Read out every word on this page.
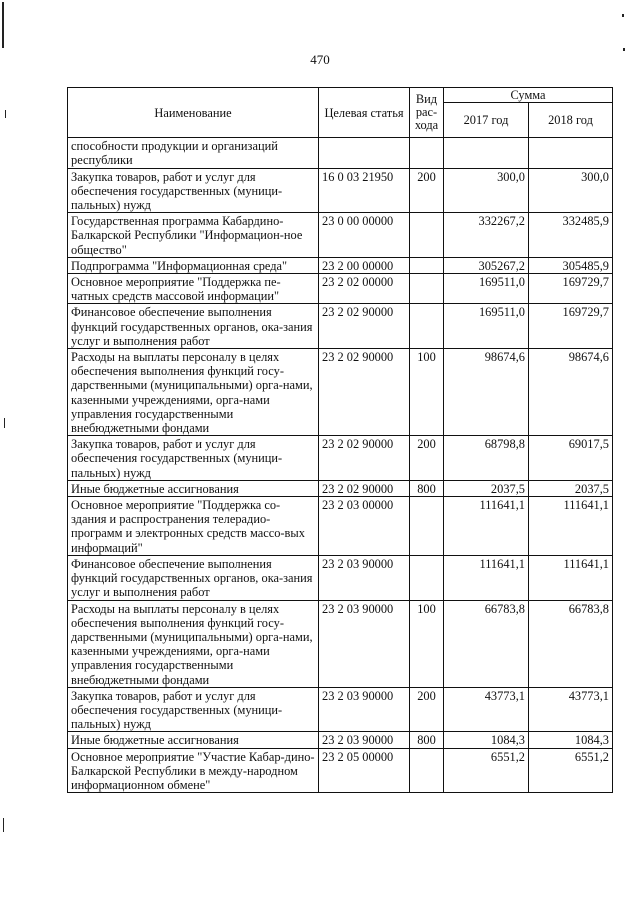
470
Наименование	Целевая статья	Вид рас-ходa	Сумма	
			2017 год	2018 год
способности продукции и организаций республики				
Закупка товаров, работ и услуг для обеспечения государственных (муници-пальных) нужд	16 0 03 21950	200	300,0	300,0
Государственная программа Кабардино-Балкарской Республики "Информацион-ное общество"	23 0 00 00000		332267,2	332485,9
Подпрограмма "Информационная среда"	23 2 00 00000		305267,2	305485,9
Основное мероприятие "Поддержка пе-чатных средств массовой информации"	23 2 02 00000		169511,0	169729,7
Финансовое обеспечение выполнения функций государственных органов, ока-зания услуг и выполнения работ	23 2 02 90000		169511,0	169729,7
Расходы на выплаты персоналу в целях обеспечения выполнения функций госу-дарственными (муниципальными) орга-нами, казенными учреждениями, орга-нами управления государственными внебюджетными фондами	23 2 02 90000	100	98674,6	98674,6
Закупка товаров, работ и услуг для обеспечения государственных (муници-пальных) нужд	23 2 02 90000	200	68798,8	69017,5
Иные бюджетные ассигнования	23 2 02 90000	800	2037,5	2037,5
Основное мероприятие "Поддержка со-здания и распространения телерадио-программ и электронных средств массо-вых информаций"	23 2 03 00000		111641,1	111641,1
Финансовое обеспечение выполнения функций государственных органов, ока-зания услуг и выполнения работ	23 2 03 90000		111641,1	111641,1
Расходы на выплаты персоналу в целях обеспечения выполнения функций госу-дарственными (муниципальными) орга-нами, казенными учреждениями, орга-нами управления государственными внебюджетными фондами	23 2 03 90000	100	66783,8	66783,8
Закупка товаров, работ и услуг для обеспечения государственных (муници-пальных) нужд	23 2 03 90000	200	43773,1	43773,1
Иные бюджетные ассигнования	23 2 03 90000	800	1084,3	1084,3
Основное мероприятие "Участие Кабар-дино-Балкарской Республики в между-народном информационном обмене"	23 2 05 00000		6551,2	6551,2
